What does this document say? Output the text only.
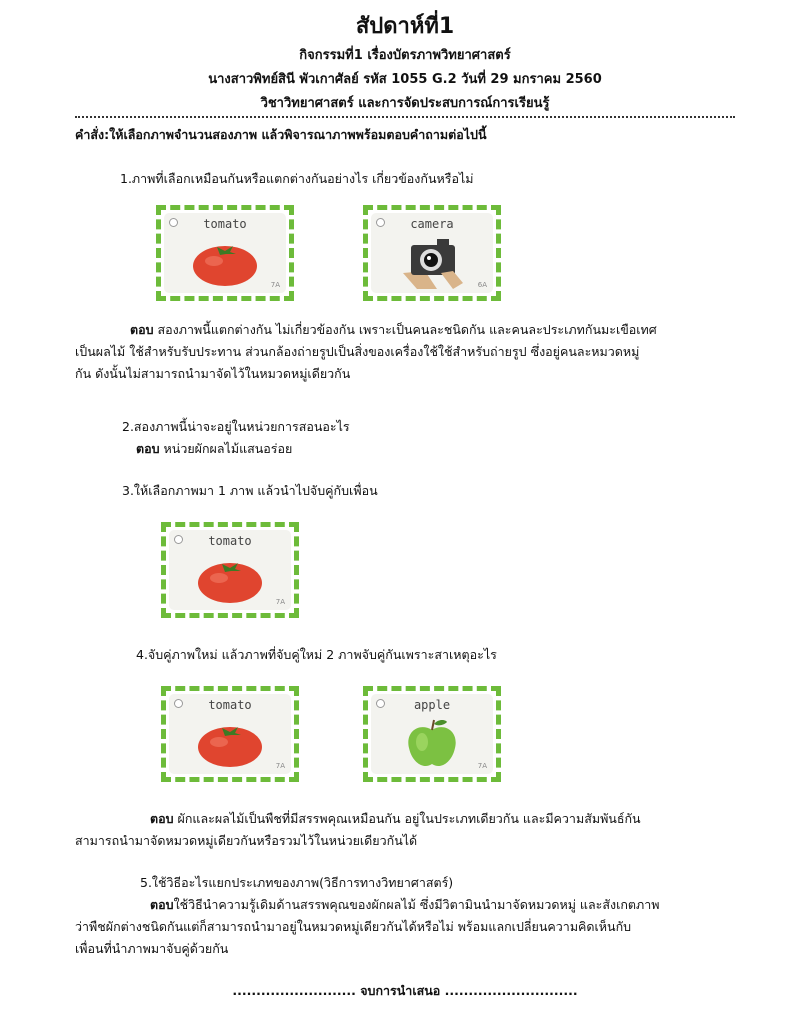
สัปดาห์ที่1
กิจกรรมที่1 เรื่องบัตรภาพวิทยาศาสตร์
นางสาวพิทย์สินี พัวเกาศัลย์ รหัส 1055 G.2 วันที่ 29 มกราคม 2560
วิชาวิทยาศาสตร์ และการจัดประสบการณ์การเรียนรู้
คำสั่ง:ให้เลือกภาพจำนวนสองภาพ แล้วพิจารณาภาพพร้อมตอบคำถามต่อไปนี้
1.ภาพที่เลือกเหมือนกันหรือแตกต่างกันอย่างไร เกี่ยวข้องกันหรือไม่
tomato
7A
camera
6A
ตอบ สองภาพนี้แตกต่างกัน ไม่เกี่ยวข้องกัน เพราะเป็นคนละชนิดกัน และคนละประเภทกันมะเขือเทศ
เป็นผลไม้ ใช้สำหรับรับประทาน ส่วนกล้องถ่ายรูปเป็นสิ่งของเครื่องใช้ใช้สำหรับถ่ายรูป ซึ่งอยู่คนละหมวดหมู่
กัน ดังนั้นไม่สามารถนำมาจัดไว้ในหมวดหมู่เดียวกัน
2.สองภาพนี้น่าจะอยู่ในหน่วยการสอนอะไร
ตอบ หน่วยผักผลไม้แสนอร่อย
3.ให้เลือกภาพมา 1 ภาพ แล้วนำไปจับคู่กับเพื่อน
tomato
7A
4.จับคู่ภาพใหม่ แล้วภาพที่จับคู่ใหม่ 2 ภาพจับคู่กันเพราะสาเหตุอะไร
tomato
7A
apple
7A
ตอบ ผักและผลไม้เป็นพืชที่มีสรรพคุณเหมือนกัน อยู่ในประเภทเดียวกัน และมีความสัมพันธ์กัน
สามารถนำมาจัดหมวดหมู่เดียวกันหรือรวมไว้ในหน่วยเดียวกันได้
5.ใช้วิธีอะไรแยกประเภทของภาพ(วิธีการทางวิทยาศาสตร์)
ตอบใช้วิธีนำความรู้เดิมด้านสรรพคุณของผักผลไม้ ซึ่งมีวิตามินนำมาจัดหมวดหมู่ และสังเกตภาพ
ว่าพืชผักต่างชนิดกันแต่ก็สามารถนำมาอยู่ในหมวดหมู่เดียวกันได้หรือไม่ พร้อมแลกเปลี่ยนความคิดเห็นกับ
เพื่อนที่นำภาพมาจับคู่ด้วยกัน
.......................... จบการนำเสนอ ............................
